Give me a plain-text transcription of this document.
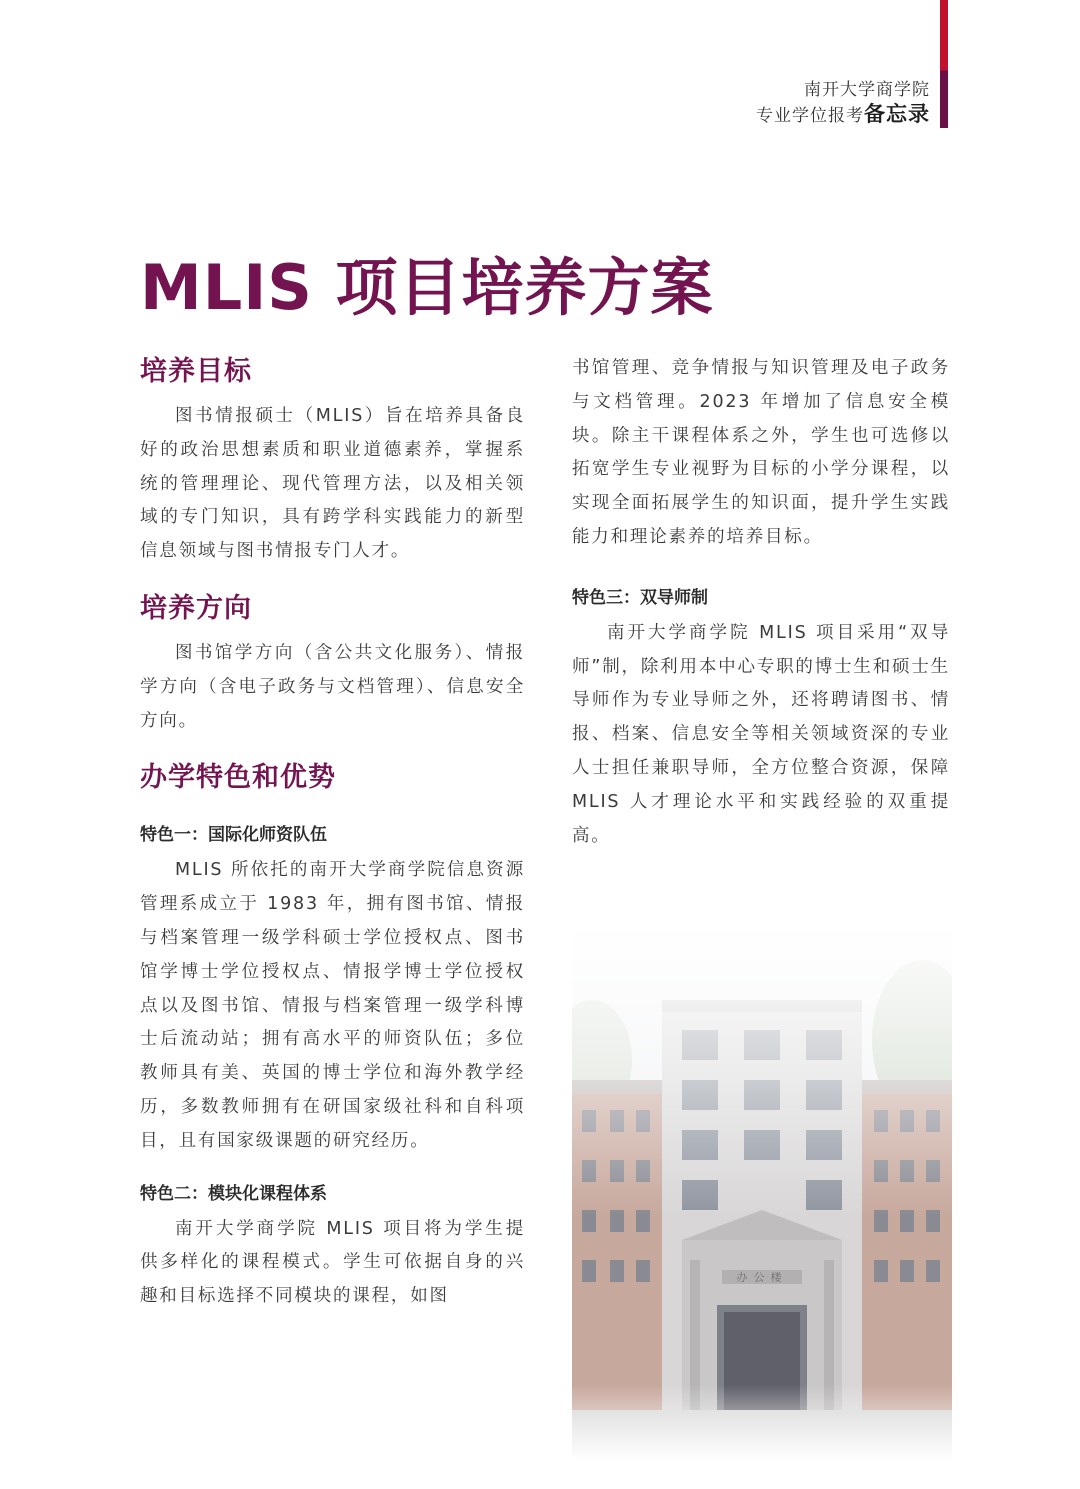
南开大学商学院
专业学位报考备忘录
MLIS 项目培养方案
培养目标

图书情报硕士（MLIS）旨在培养具备良好的政治思想素质和职业道德素养，掌握系统的管理理论、现代管理方法，以及相关领域的专门知识，具有跨学科实践能力的新型信息领域与图书情报专门人才。

培养方向

图书馆学方向（含公共文化服务）、情报学方向（含电子政务与文档管理）、信息安全方向。

办学特色和优势
特色一：国际化师资队伍

MLIS 所依托的南开大学商学院信息资源管理系成立于 1983 年，拥有图书馆、情报与档案管理一级学科硕士学位授权点、图书馆学博士学位授权点、情报学博士学位授权点以及图书馆、情报与档案管理一级学科博士后流动站；拥有高水平的师资队伍；多位教师具有美、英国的博士学位和海外教学经历，多数教师拥有在研国家级社科和自科项目，且有国家级课题的研究经历。

特色二：模块化课程体系

南开大学商学院 MLIS 项目将为学生提供多样化的课程模式。学生可依据自身的兴趣和目标选择不同模块的课程，如图

书馆管理、竞争情报与知识管理及电子政务与文档管理。2023 年增加了信息安全模块。除主干课程体系之外，学生也可选修以拓宽学生专业视野为目标的小学分课程，以实现全面拓展学生的知识面，提升学生实践能力和理论素养的培养目标。

特色三：双导师制

南开大学商学院 MLIS 项目采用“双导师”制，除利用本中心专职的博士生和硕士生导师作为专业导师之外，还将聘请图书、情报、档案、信息安全等相关领域资深的专业人士担任兼职导师，全方位整合资源，保障 MLIS 人才理论水平和实践经验的双重提高。
